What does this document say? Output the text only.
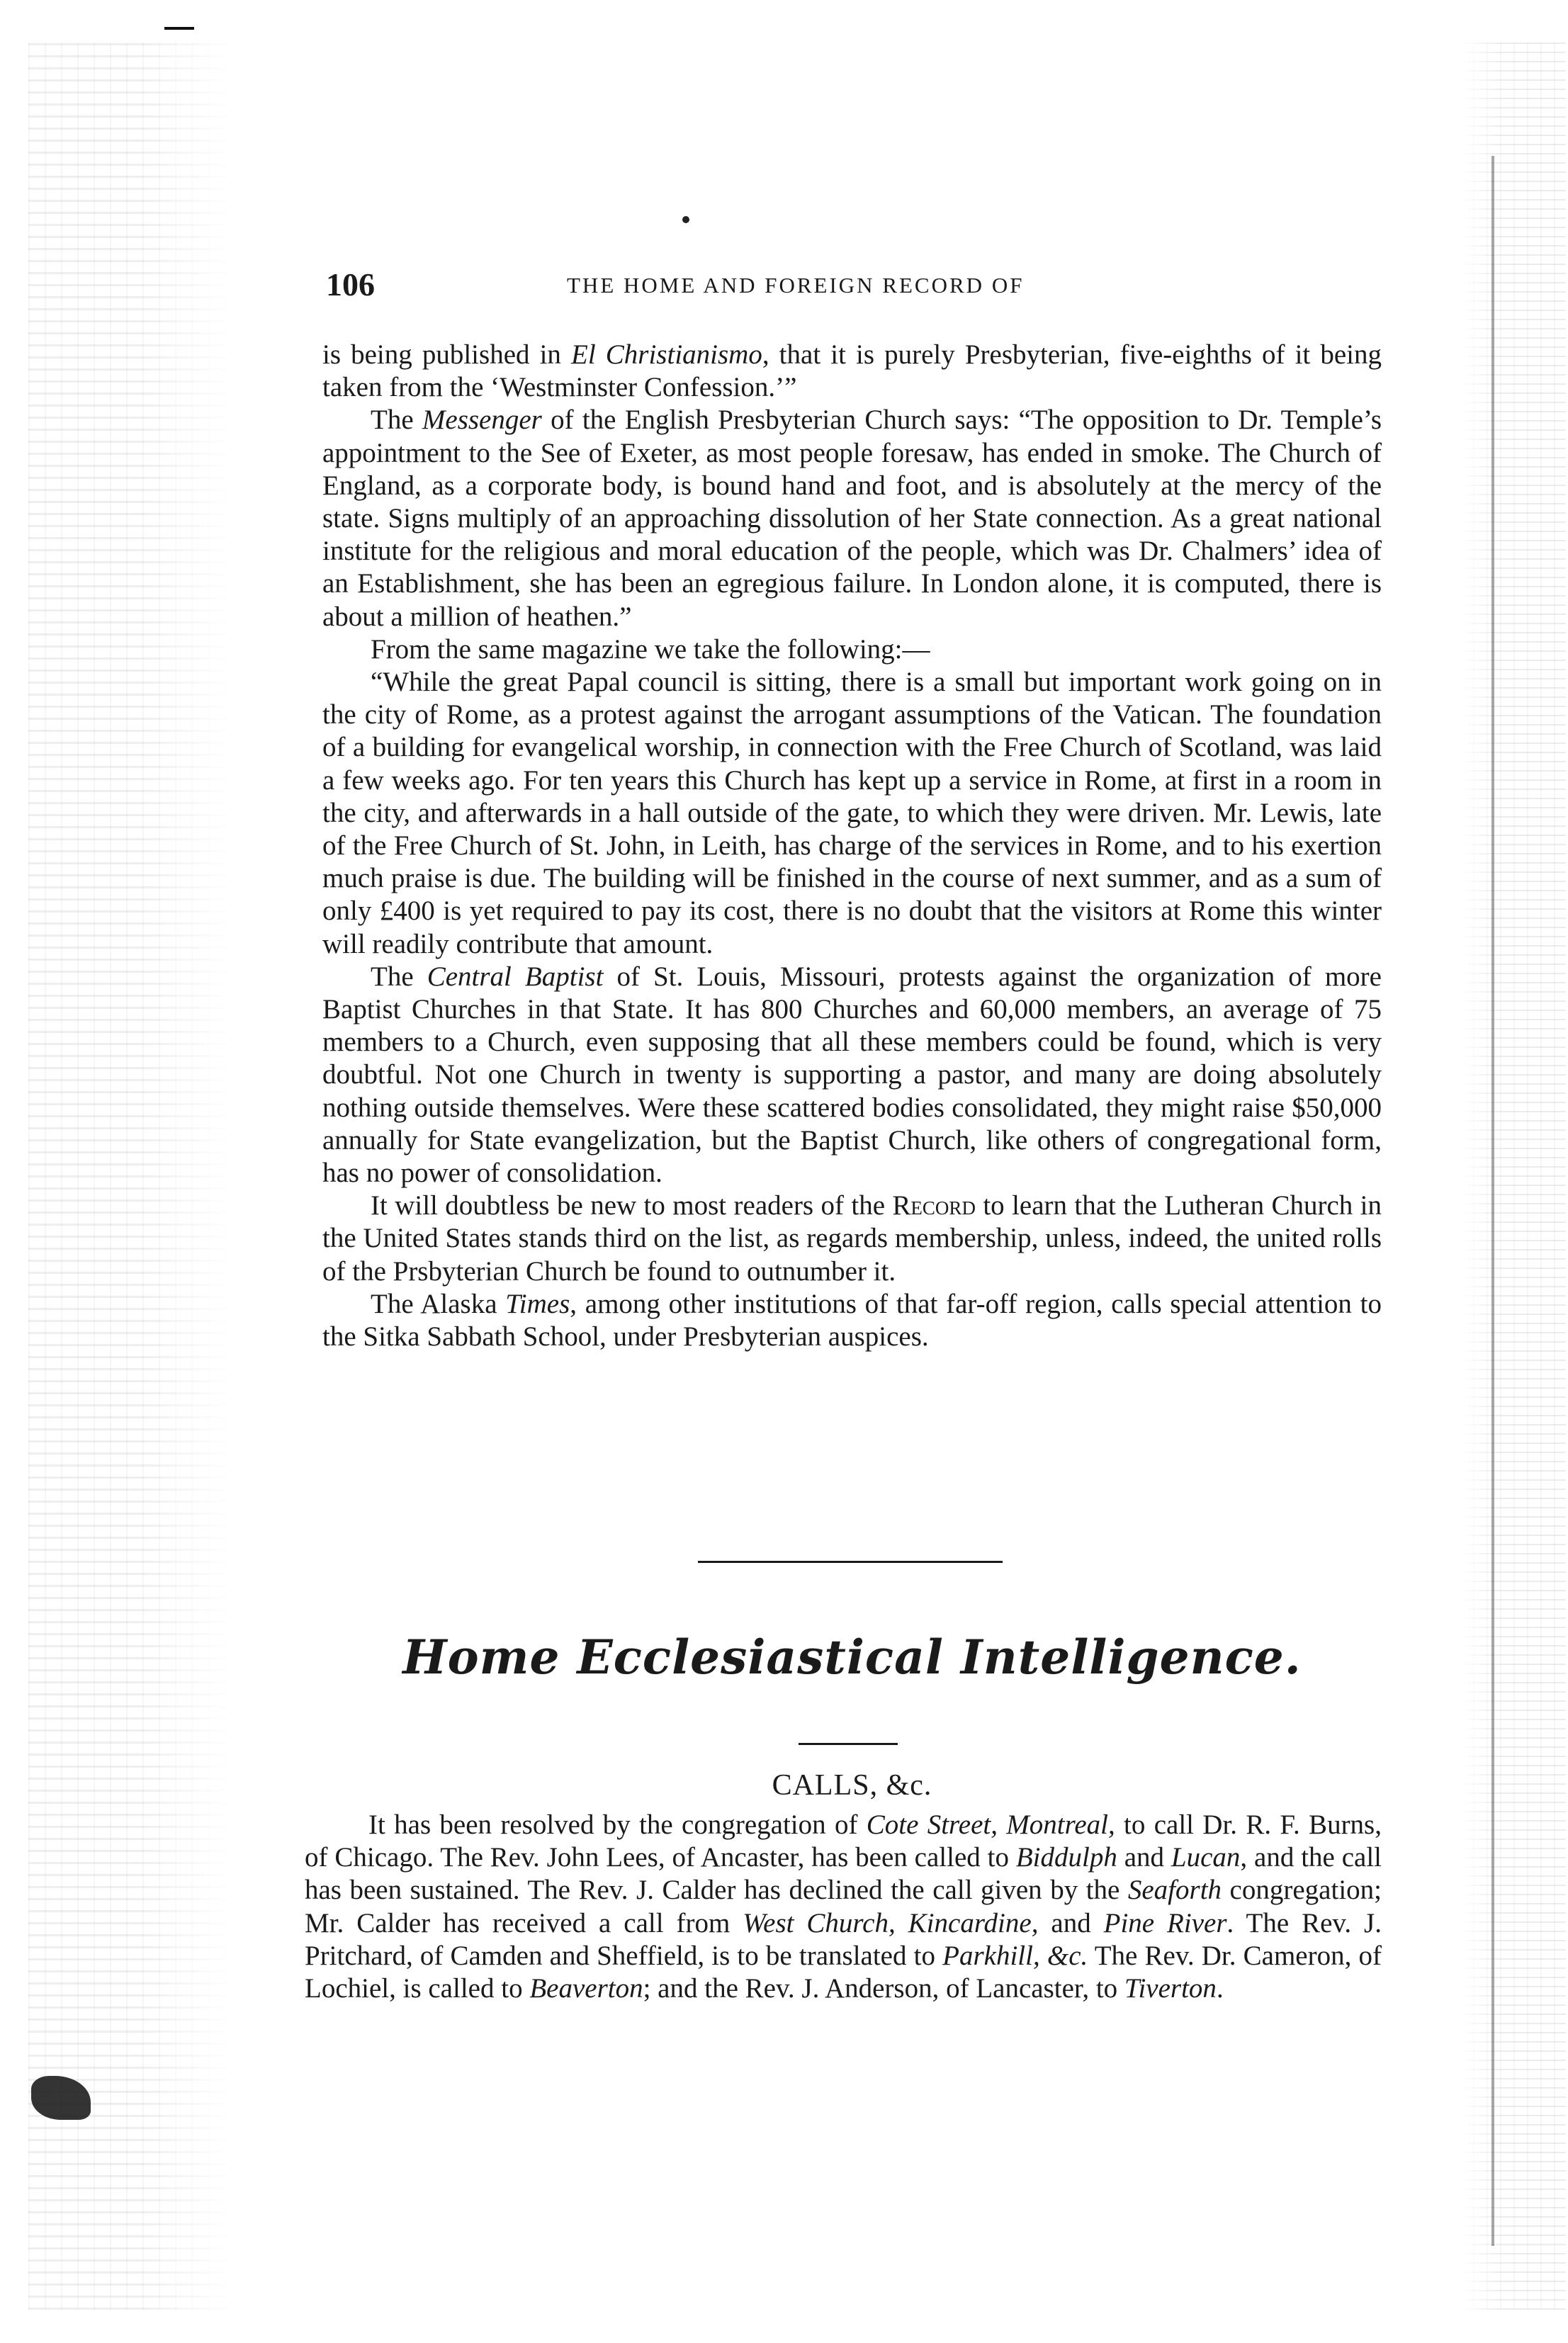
106	THE HOME AND FOREIGN RECORD OF

is being published in El Christianismo, that it is purely Presbyterian, five-eighths of it being taken from the ‘Westminster Confession.’”

The Messenger of the English Presbyterian Church says: “The opposition to Dr. Temple’s appointment to the See of Exeter, as most people foresaw, has ended in smoke. The Church of England, as a corporate body, is bound hand and foot, and is absolutely at the mercy of the state. Signs multiply of an approaching dissolution of her State connection. As a great national institute for the religious and moral education of the people, which was Dr. Chalmers’ idea of an Establishment, she has been an egregious failure. In London alone, it is computed, there is about a million of heathen.”

From the same magazine we take the following:—

“While the great Papal council is sitting, there is a small but important work going on in the city of Rome, as a protest against the arrogant assumptions of the Vatican. The foundation of a building for evangelical worship, in connection with the Free Church of Scotland, was laid a few weeks ago. For ten years this Church has kept up a service in Rome, at first in a room in the city, and afterwards in a hall outside of the gate, to which they were driven. Mr. Lewis, late of the Free Church of St. John, in Leith, has charge of the services in Rome, and to his exertion much praise is due. The building will be finished in the course of next summer, and as a sum of only £400 is yet required to pay its cost, there is no doubt that the visitors at Rome this winter will readily contribute that amount.

The Central Baptist of St. Louis, Missouri, protests against the organization of more Baptist Churches in that State. It has 800 Churches and 60,000 members, an average of 75 members to a Church, even supposing that all these members could be found, which is very doubtful. Not one Church in twenty is supporting a pastor, and many are doing absolutely nothing outside themselves. Were these scattered bodies consolidated, they might raise $50,000 annually for State evangelization, but the Baptist Church, like others of congregational form, has no power of consolidation.

It will doubtless be new to most readers of the Record to learn that the Lutheran Church in the United States stands third on the list, as regards membership, unless, indeed, the united rolls of the Prsbyterian Church be found to outnumber it.

The Alaska Times, among other institutions of that far-off region, calls special attention to the Sitka Sabbath School, under Presbyterian auspices.

Home Ecclesiastical Intelligence.
CALLS, &c.

It has been resolved by the congregation of Cote Street, Montreal, to call Dr. R. F. Burns, of Chicago. The Rev. John Lees, of Ancaster, has been called to Biddulph and Lucan, and the call has been sustained. The Rev. J. Calder has declined the call given by the Seaforth congregation; Mr. Calder has received a call from West Church, Kincardine, and Pine River. The Rev. J. Pritchard, of Camden and Sheffield, is to be translated to Parkhill, &c. The Rev. Dr. Cameron, of Lochiel, is called to Beaverton; and the Rev. J. Anderson, of Lancaster, to Tiverton.
